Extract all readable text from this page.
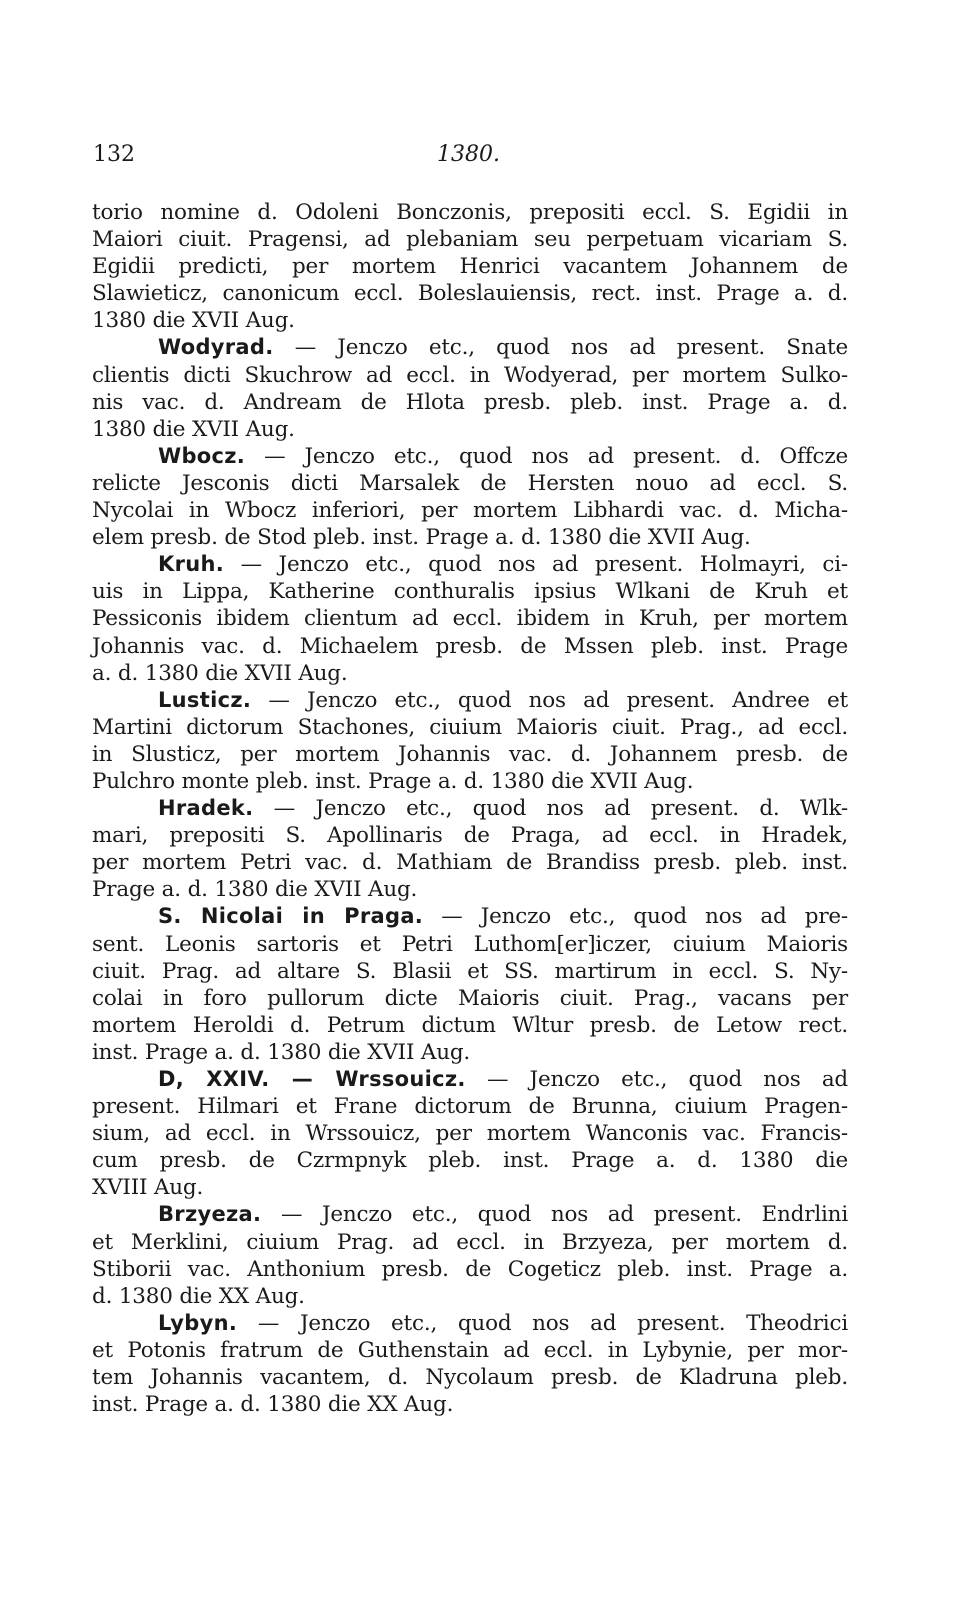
132	1380.
torio nomine d. Odoleni Bonczonis, prepositi eccl. S. Egidii in
Maiori ciuit. Pragensi, ad plebaniam seu perpetuam vicariam S.
Egidii predicti, per mortem Henrici vacantem Johannem de
Slawieticz, canonicum eccl. Boleslauiensis, rect. inst. Prage a. d.
1380 die XVII Aug.
Wodyrad. — Jenczo etc., quod nos ad present. Snate
clientis dicti Skuchrow ad eccl. in Wodyerad, per mortem Sulko-
nis vac. d. Andream de Hlota presb. pleb. inst. Prage a. d.
1380 die XVII Aug.
Wbocz. — Jenczo etc., quod nos ad present. d. Offcze
relicte Jesconis dicti Marsalek de Hersten nouo ad eccl. S.
Nycolai in Wbocz inferiori, per mortem Libhardi vac. d. Micha-
elem presb. de Stod pleb. inst. Prage a. d. 1380 die XVII Aug.
Kruh. — Jenczo etc., quod nos ad present. Holmayri, ci-
uis in Lippa, Katherine conthuralis ipsius Wlkani de Kruh et
Pessiconis ibidem clientum ad eccl. ibidem in Kruh, per mortem
Johannis vac. d. Michaelem presb. de Mssen pleb. inst. Prage
a. d. 1380 die XVII Aug.
Lusticz. — Jenczo etc., quod nos ad present. Andree et
Martini dictorum Stachones, ciuium Maioris ciuit. Prag., ad eccl.
in Slusticz, per mortem Johannis vac. d. Johannem presb. de
Pulchro monte pleb. inst. Prage a. d. 1380 die XVII Aug.
Hradek. — Jenczo etc., quod nos ad present. d. Wlk-
mari, prepositi S. Apollinaris de Praga, ad eccl. in Hradek,
per mortem Petri vac. d. Mathiam de Brandiss presb. pleb. inst.
Prage a. d. 1380 die XVII Aug.
S. Nicolai in Praga. — Jenczo etc., quod nos ad pre-
sent. Leonis sartoris et Petri Luthom[er]iczer, ciuium Maioris
ciuit. Prag. ad altare S. Blasii et SS. martirum in eccl. S. Ny-
colai in foro pullorum dicte Maioris ciuit. Prag., vacans per
mortem Heroldi d. Petrum dictum Wltur presb. de Letow rect.
inst. Prage a. d. 1380 die XVII Aug.
D, XXIV. — Wrssouicz. — Jenczo etc., quod nos ad
present. Hilmari et Frane dictorum de Brunna, ciuium Pragen-
sium, ad eccl. in Wrssouicz, per mortem Wanconis vac. Francis-
cum presb. de Czrmpnyk pleb. inst. Prage a. d. 1380 die
XVIII Aug.
Brzyeza. — Jenczo etc., quod nos ad present. Endrlini
et Merklini, ciuium Prag. ad eccl. in Brzyeza, per mortem d.
Stiborii vac. Anthonium presb. de Cogeticz pleb. inst. Prage a.
d. 1380 die XX Aug.
Lybyn. — Jenczo etc., quod nos ad present. Theodrici
et Potonis fratrum de Guthenstain ad eccl. in Lybynie, per mor-
tem Johannis vacantem, d. Nycolaum presb. de Kladruna pleb.
inst. Prage a. d. 1380 die XX Aug.
